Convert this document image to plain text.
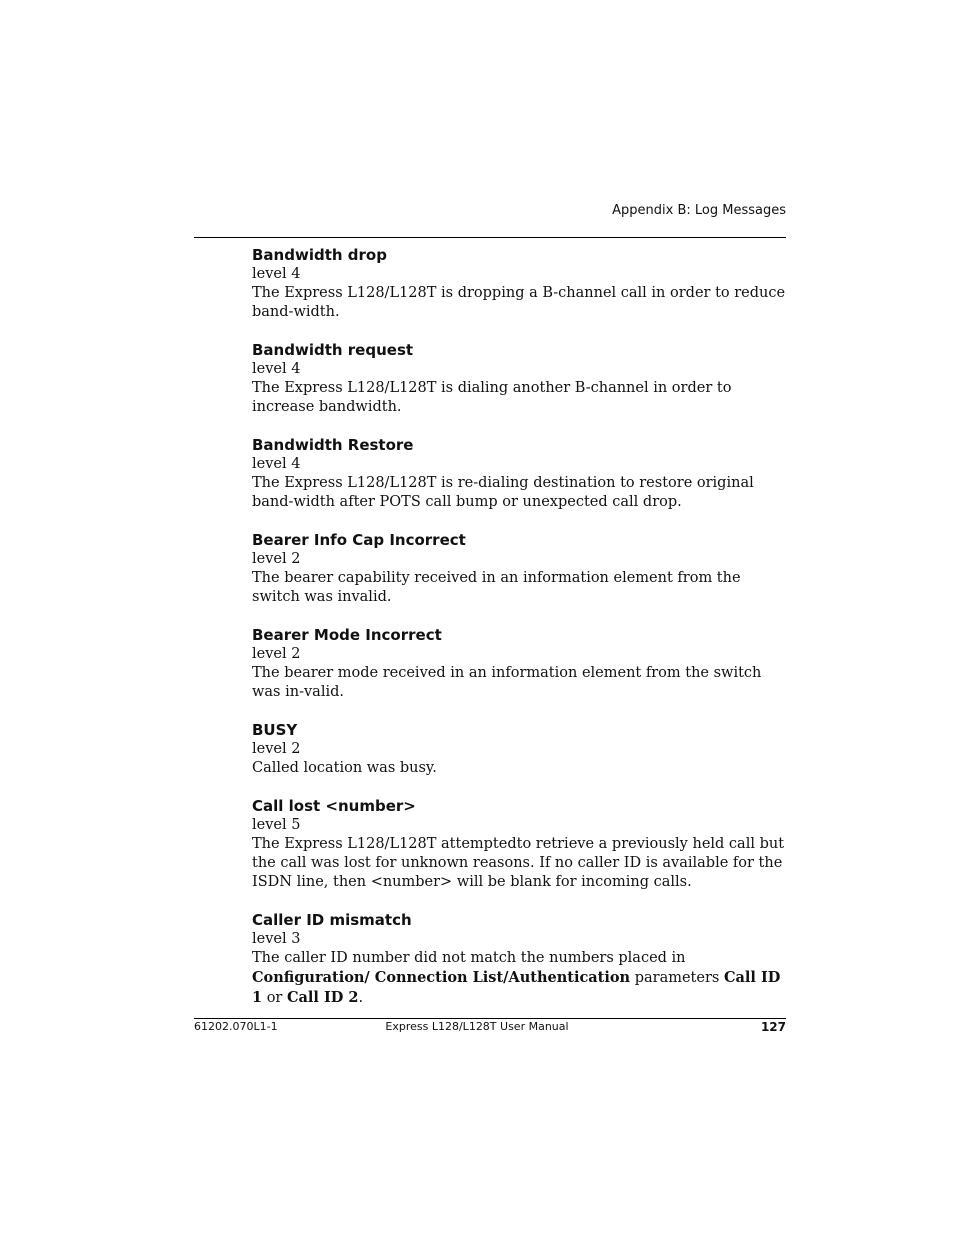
Appendix B: Log Messages

Bandwidth drop

level 4

The Express L128/L128T is dropping a B-channel call in order to reduce band-width.

Bandwidth request

level 4

The Express L128/L128T is dialing another B-channel in order to increase bandwidth.

Bandwidth Restore

level 4

The Express L128/L128T is re-dialing destination to restore original band-width after POTS call bump or unexpected call drop.

Bearer Info Cap Incorrect

level 2

The bearer capability received in an information element from the switch was invalid.

Bearer Mode Incorrect

level 2

The bearer mode received in an information element from the switch was in-valid.

BUSY

level 2

Called location was busy.

Call lost <number>

level 5

The Express L128/L128T attemptedto retrieve a previously held call but the call was lost for unknown reasons. If no caller ID is available for the ISDN line, then <number> will be blank for incoming calls.

Caller ID mismatch

level 3

The caller ID number did not match the numbers placed in Configuration/ Connection List/Authentication parameters Call ID 1 or Call ID 2.

61202.070L1-1	Express L128/L128T User Manual	127
